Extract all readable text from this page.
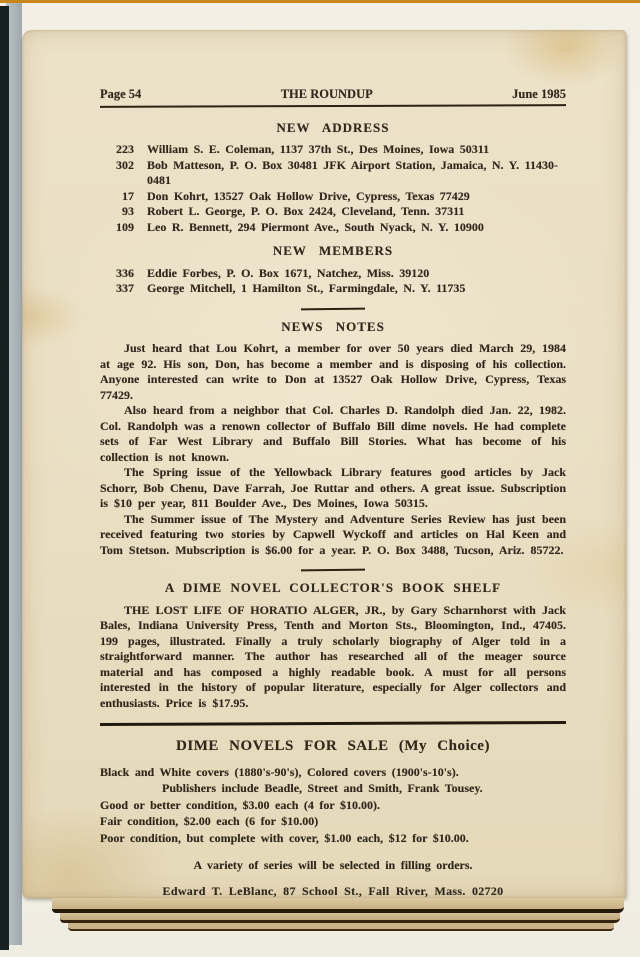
Page 54	THE ROUNDUP	June 1985
NEW ADDRESS
223	William S. E. Coleman, 1137 37th St., Des Moines, Iowa 50311
302	Bob Matteson, P. O. Box 30481 JFK Airport Station, Jamaica, N. Y. 11430-0481
17	Don Kohrt, 13527 Oak Hollow Drive, Cypress, Texas 77429
93	Robert L. George, P. O. Box 2424, Cleveland, Tenn. 37311
109	Leo R. Bennett, 294 Piermont Ave., South Nyack, N. Y. 10900
NEW MEMBERS
336	Eddie Forbes, P. O. Box 1671, Natchez, Miss. 39120
337	George Mitchell, 1 Hamilton St., Farmingdale, N. Y. 11735
NEWS NOTES

Just heard that Lou Kohrt, a member for over 50 years died March 29, 1984 at age 92. His son, Don, has become a member and is disposing of his collection. Anyone interested can write to Don at 13527 Oak Hollow Drive, Cypress, Texas 77429.

Also heard from a neighbor that Col. Charles D. Randolph died Jan. 22, 1982. Col. Randolph was a renown collector of Buffalo Bill dime novels. He had complete sets of Far West Library and Buffalo Bill Stories. What has become of his collection is not known.

The Spring issue of the Yellowback Library features good articles by Jack Schorr, Bob Chenu, Dave Farrah, Joe Ruttar and others. A great issue. Subscription is $10 per year, 811 Boulder Ave., Des Moines, Iowa 50315.

The Summer issue of The Mystery and Adventure Series Review has just been received featuring two stories by Capwell Wyckoff and articles on Hal Keen and Tom Stetson. Mubscription is $6.00 for a year. P. O. Box 3488, Tucson, Ariz. 85722.

A DIME NOVEL COLLECTOR'S BOOK SHELF

THE LOST LIFE OF HORATIO ALGER, JR., by Gary Scharnhorst with Jack Bales, Indiana University Press, Tenth and Morton Sts., Bloomington, Ind., 47405. 199 pages, illustrated. Finally a truly scholarly biography of Alger told in a straightforward manner. The author has researched all of the meager source material and has composed a highly readable book. A must for all persons interested in the history of popular literature, especially for Alger collectors and enthusiasts. Price is $17.95.

DIME NOVELS FOR SALE (My Choice)
Black and White covers (1880's-90's), Colored covers (1900's-10's).
Publishers include Beadle, Street and Smith, Frank Tousey.
Good or better condition, $3.00 each (4 for $10.00).
Fair condition, $2.00 each (6 for $10.00)
Poor condition, but complete with cover, $1.00 each, $12 for $10.00.
A variety of series will be selected in filling orders.
Edward T. LeBlanc, 87 School St., Fall River, Mass. 02720
